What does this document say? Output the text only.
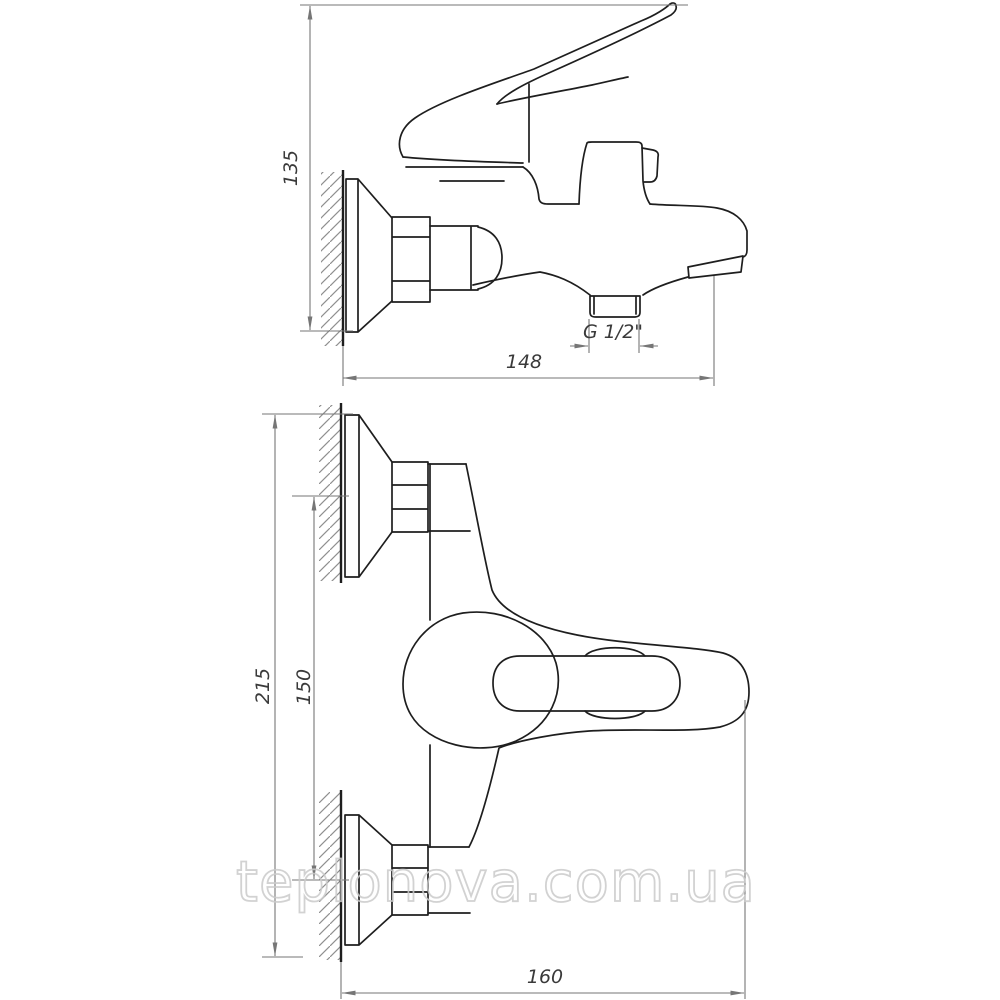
135
148
G 1/2"
215 150
160
teplonova.com.ua
